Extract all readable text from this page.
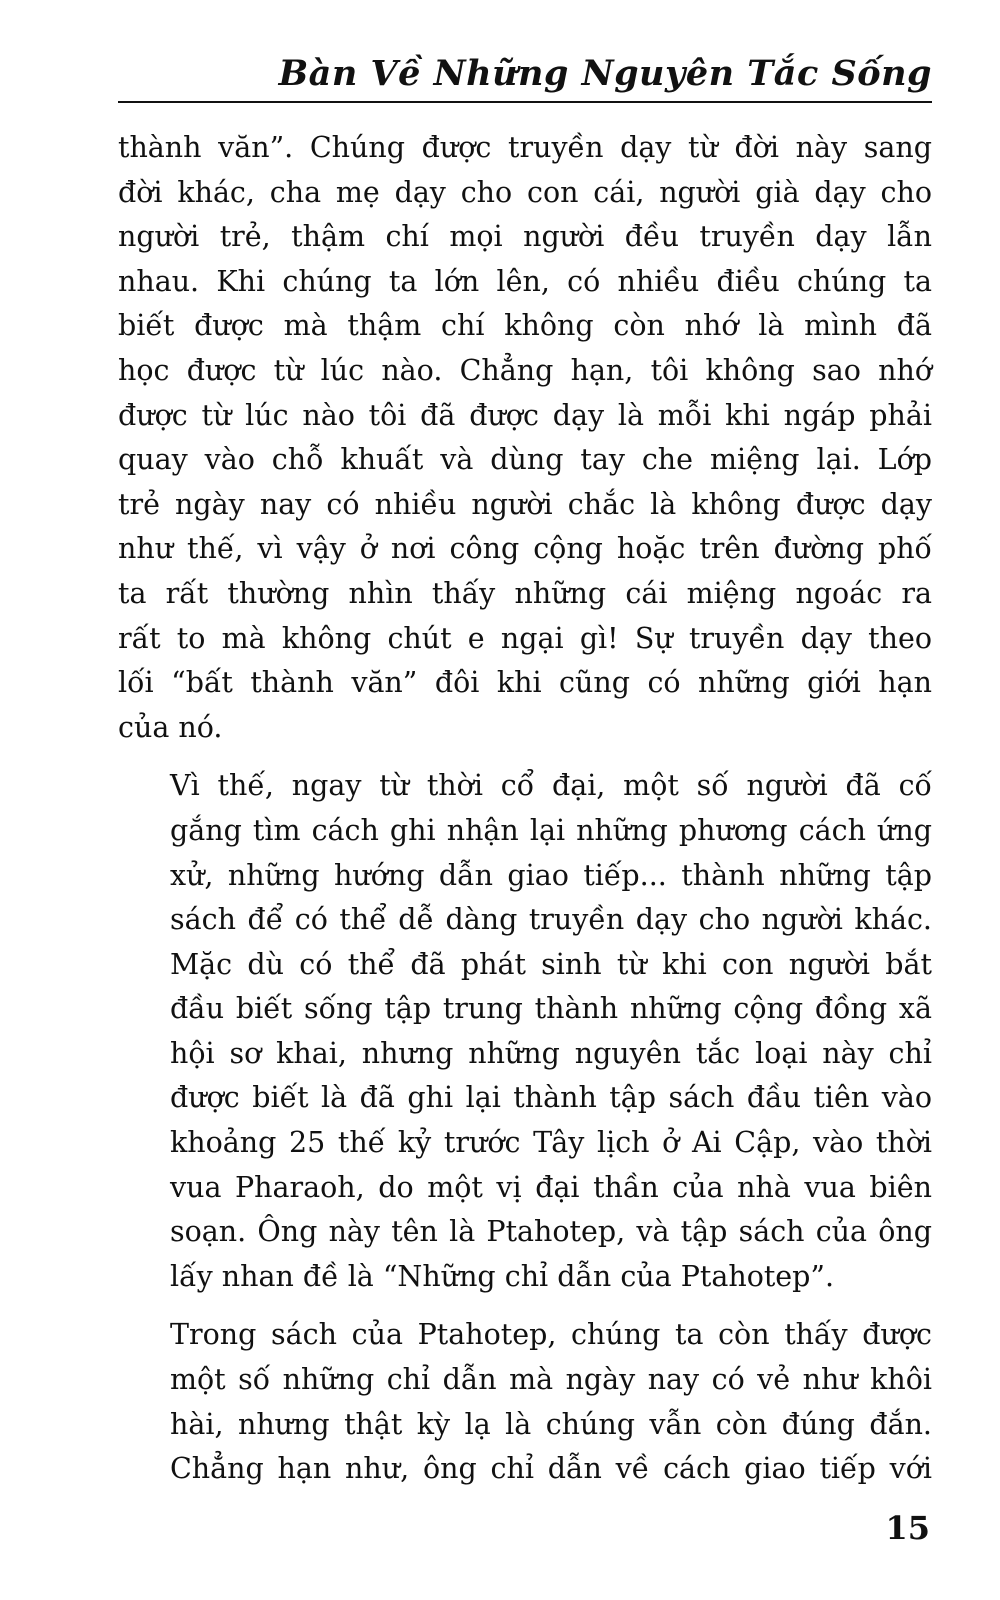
Bàn Về Những Nguyên Tắc Sống

thành văn”. Chúng được truyền dạy từ đời này sang
đời khác, cha mẹ dạy cho con cái, người già dạy cho
người trẻ, thậm chí mọi người đều truyền dạy lẫn
nhau. Khi chúng ta lớn lên, có nhiều điều chúng ta
biết được mà thậm chí không còn nhớ là mình đã
học được từ lúc nào. Chẳng hạn, tôi không sao nhớ
được từ lúc nào tôi đã được dạy là mỗi khi ngáp phải
quay vào chỗ khuất và dùng tay che miệng lại. Lớp
trẻ ngày nay có nhiều người chắc là không được dạy
như thế, vì vậy ở nơi công cộng hoặc trên đường phố
ta rất thường nhìn thấy những cái miệng ngoác ra
rất to mà không chút e ngại gì! Sự truyền dạy theo
lối “bất thành văn” đôi khi cũng có những giới hạn
của nó.

Vì thế, ngay từ thời cổ đại, một số người đã cố
gắng tìm cách ghi nhận lại những phương cách ứng
xử, những hướng dẫn giao tiếp... thành những tập
sách để có thể dễ dàng truyền dạy cho người khác.
Mặc dù có thể đã phát sinh từ khi con người bắt
đầu biết sống tập trung thành những cộng đồng xã
hội sơ khai, nhưng những nguyên tắc loại này chỉ
được biết là đã ghi lại thành tập sách đầu tiên vào
khoảng 25 thế kỷ trước Tây lịch ở Ai Cập, vào thời
vua Pharaoh, do một vị đại thần của nhà vua biên
soạn. Ông này tên là Ptahotep, và tập sách của ông
lấy nhan đề là “Những chỉ dẫn của Ptahotep”.

Trong sách của Ptahotep, chúng ta còn thấy được
một số những chỉ dẫn mà ngày nay có vẻ như khôi
hài, nhưng thật kỳ lạ là chúng vẫn còn đúng đắn.
Chẳng hạn như, ông chỉ dẫn về cách giao tiếp với

15
